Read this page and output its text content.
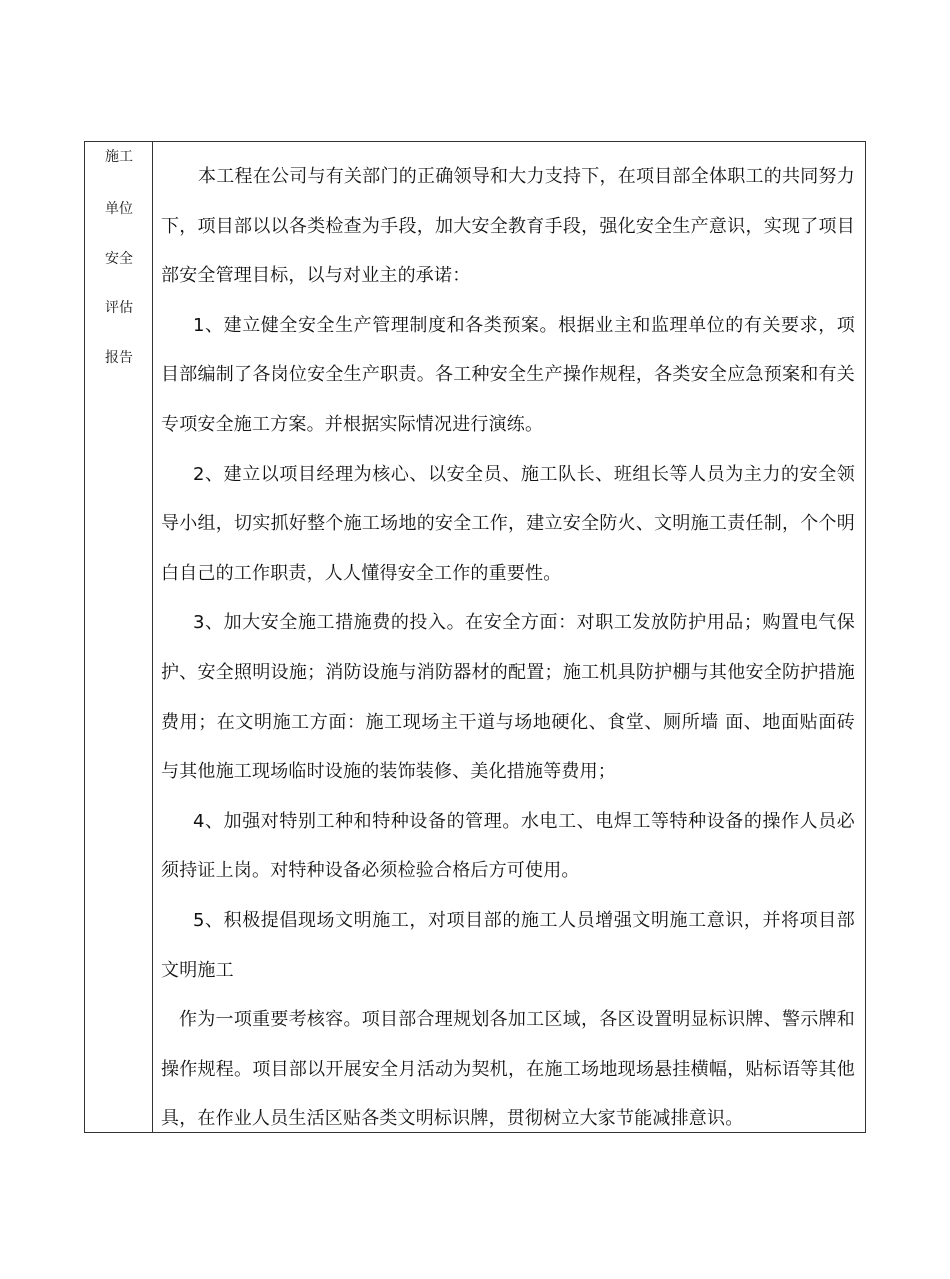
施工
单位
安全
评估
报告

本工程在公司与有关部门的正确领导和大力支持下，在项目部全体职工的共同努力下，项目部以以各类检查为手段，加大安全教育手段，强化安全生产意识，实现了项目部安全管理目标，以与对业主的承诺：

1、建立健全安全生产管理制度和各类预案。根据业主和监理单位的有关要求，项目部编制了各岗位安全生产职责。各工种安全生产操作规程，各类安全应急预案和有关专项安全施工方案。并根据实际情况进行演练。

2、建立以项目经理为核心、以安全员、施工队长、班组长等人员为主力的安全领导小组，切实抓好整个施工场地的安全工作，建立安全防火、文明施工责任制，个个明白自己的工作职责，人人懂得安全工作的重要性。

3、加大安全施工措施费的投入。在安全方面：对职工发放防护用品；购置电气保护、安全照明设施；消防设施与消防器材的配置；施工机具防护棚与其他安全防护措施费用；在文明施工方面：施工现场主干道与场地硬化、食堂、厕所墙 面、地面贴面砖与其他施工现场临时设施的装饰装修、美化措施等费用；

4、加强对特别工种和特种设备的管理。水电工、电焊工等特种设备的操作人员必须持证上岗。对特种设备必须检验合格后方可使用。

5、积极提倡现场文明施工，对项目部的施工人员增强文明施工意识，并将项目部文明施工

作为一项重要考核容。项目部合理规划各加工区域，各区设置明显标识牌、警示牌和操作规程。项目部以开展安全月活动为契机，在施工场地现场悬挂横幅，贴标语等其他具，在作业人员生活区贴各类文明标识牌，贯彻树立大家节能减排意识。
